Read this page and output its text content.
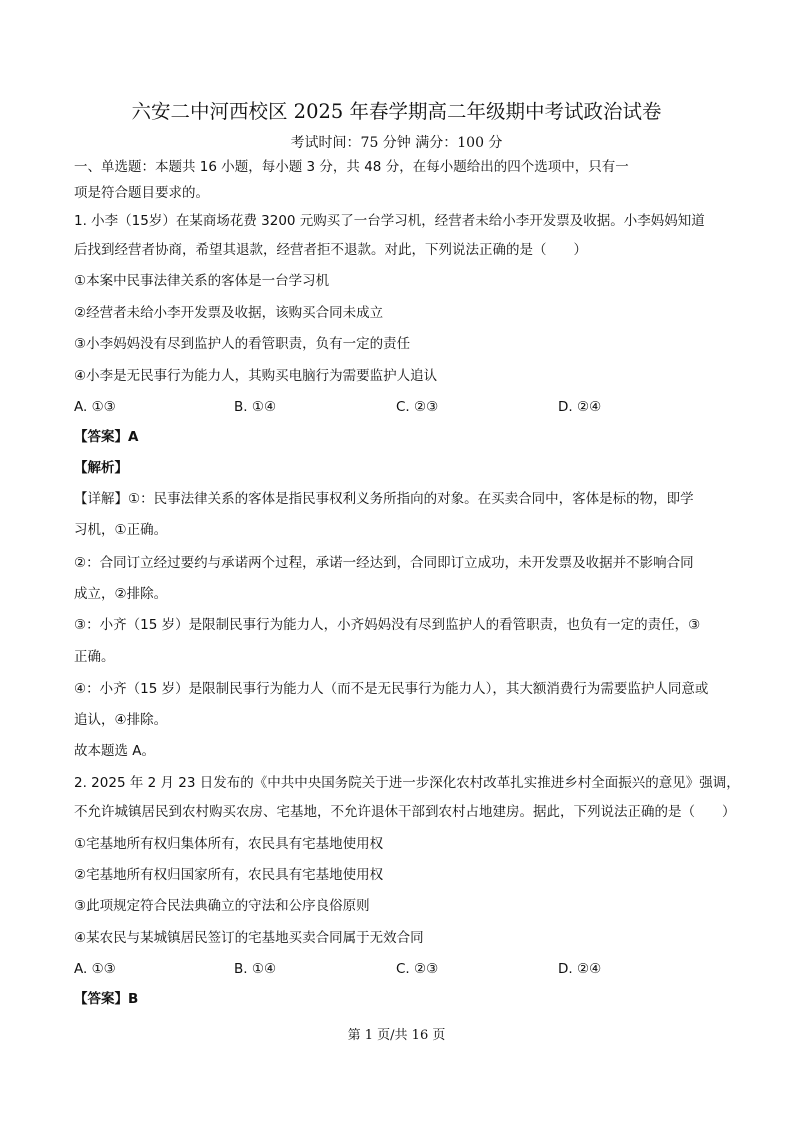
六安二中河西校区 2025 年春学期高二年级期中考试政治试卷
考试时间：75 分钟 满分：100 分
一、单选题：本题共 16 小题，每小题 3 分，共 48 分，在每小题给出的四个选项中，只有一
项是符合题目要求的。
1. 小李（15岁）在某商场花费 3200 元购买了一台学习机，经营者未给小李开发票及收据。小李妈妈知道
后找到经营者协商，希望其退款，经营者拒不退款。对此，下列说法正确的是（　　）
①本案中民事法律关系的客体是一台学习机
②经营者未给小李开发票及收据，该购买合同未成立
③小李妈妈没有尽到监护人的看管职责，负有一定的责任
④小李是无民事行为能力人，其购买电脑行为需要监护人追认
A. ①③	B. ①④	C. ②③	D. ②④
【答案】A
【解析】
【详解】①：民事法律关系的客体是指民事权利义务所指向的对象。在买卖合同中，客体是标的物，即学
习机，①正确。
②：合同订立经过要约与承诺两个过程，承诺一经达到，合同即订立成功，未开发票及收据并不影响合同
成立，②排除。
③：小齐（15 岁）是限制民事行为能力人，小齐妈妈没有尽到监护人的看管职责，也负有一定的责任，③
正确。
④：小齐（15 岁）是限制民事行为能力人（而不是无民事行为能力人），其大额消费行为需要监护人同意或
追认，④排除。
故本题选 A。
2. 2025 年 2 月 23 日发布的《中共中央国务院关于进一步深化农村改革扎实推进乡村全面振兴的意见》强调，
不允许城镇居民到农村购买农房、宅基地，不允许退休干部到农村占地建房。据此，下列说法正确的是（　　）
①宅基地所有权归集体所有，农民具有宅基地使用权
②宅基地所有权归国家所有，农民具有宅基地使用权
③此项规定符合民法典确立的守法和公序良俗原则
④某农民与某城镇居民签订的宅基地买卖合同属于无效合同
A. ①③	B. ①④	C. ②③	D. ②④
【答案】B
第 1 页/共 16 页
